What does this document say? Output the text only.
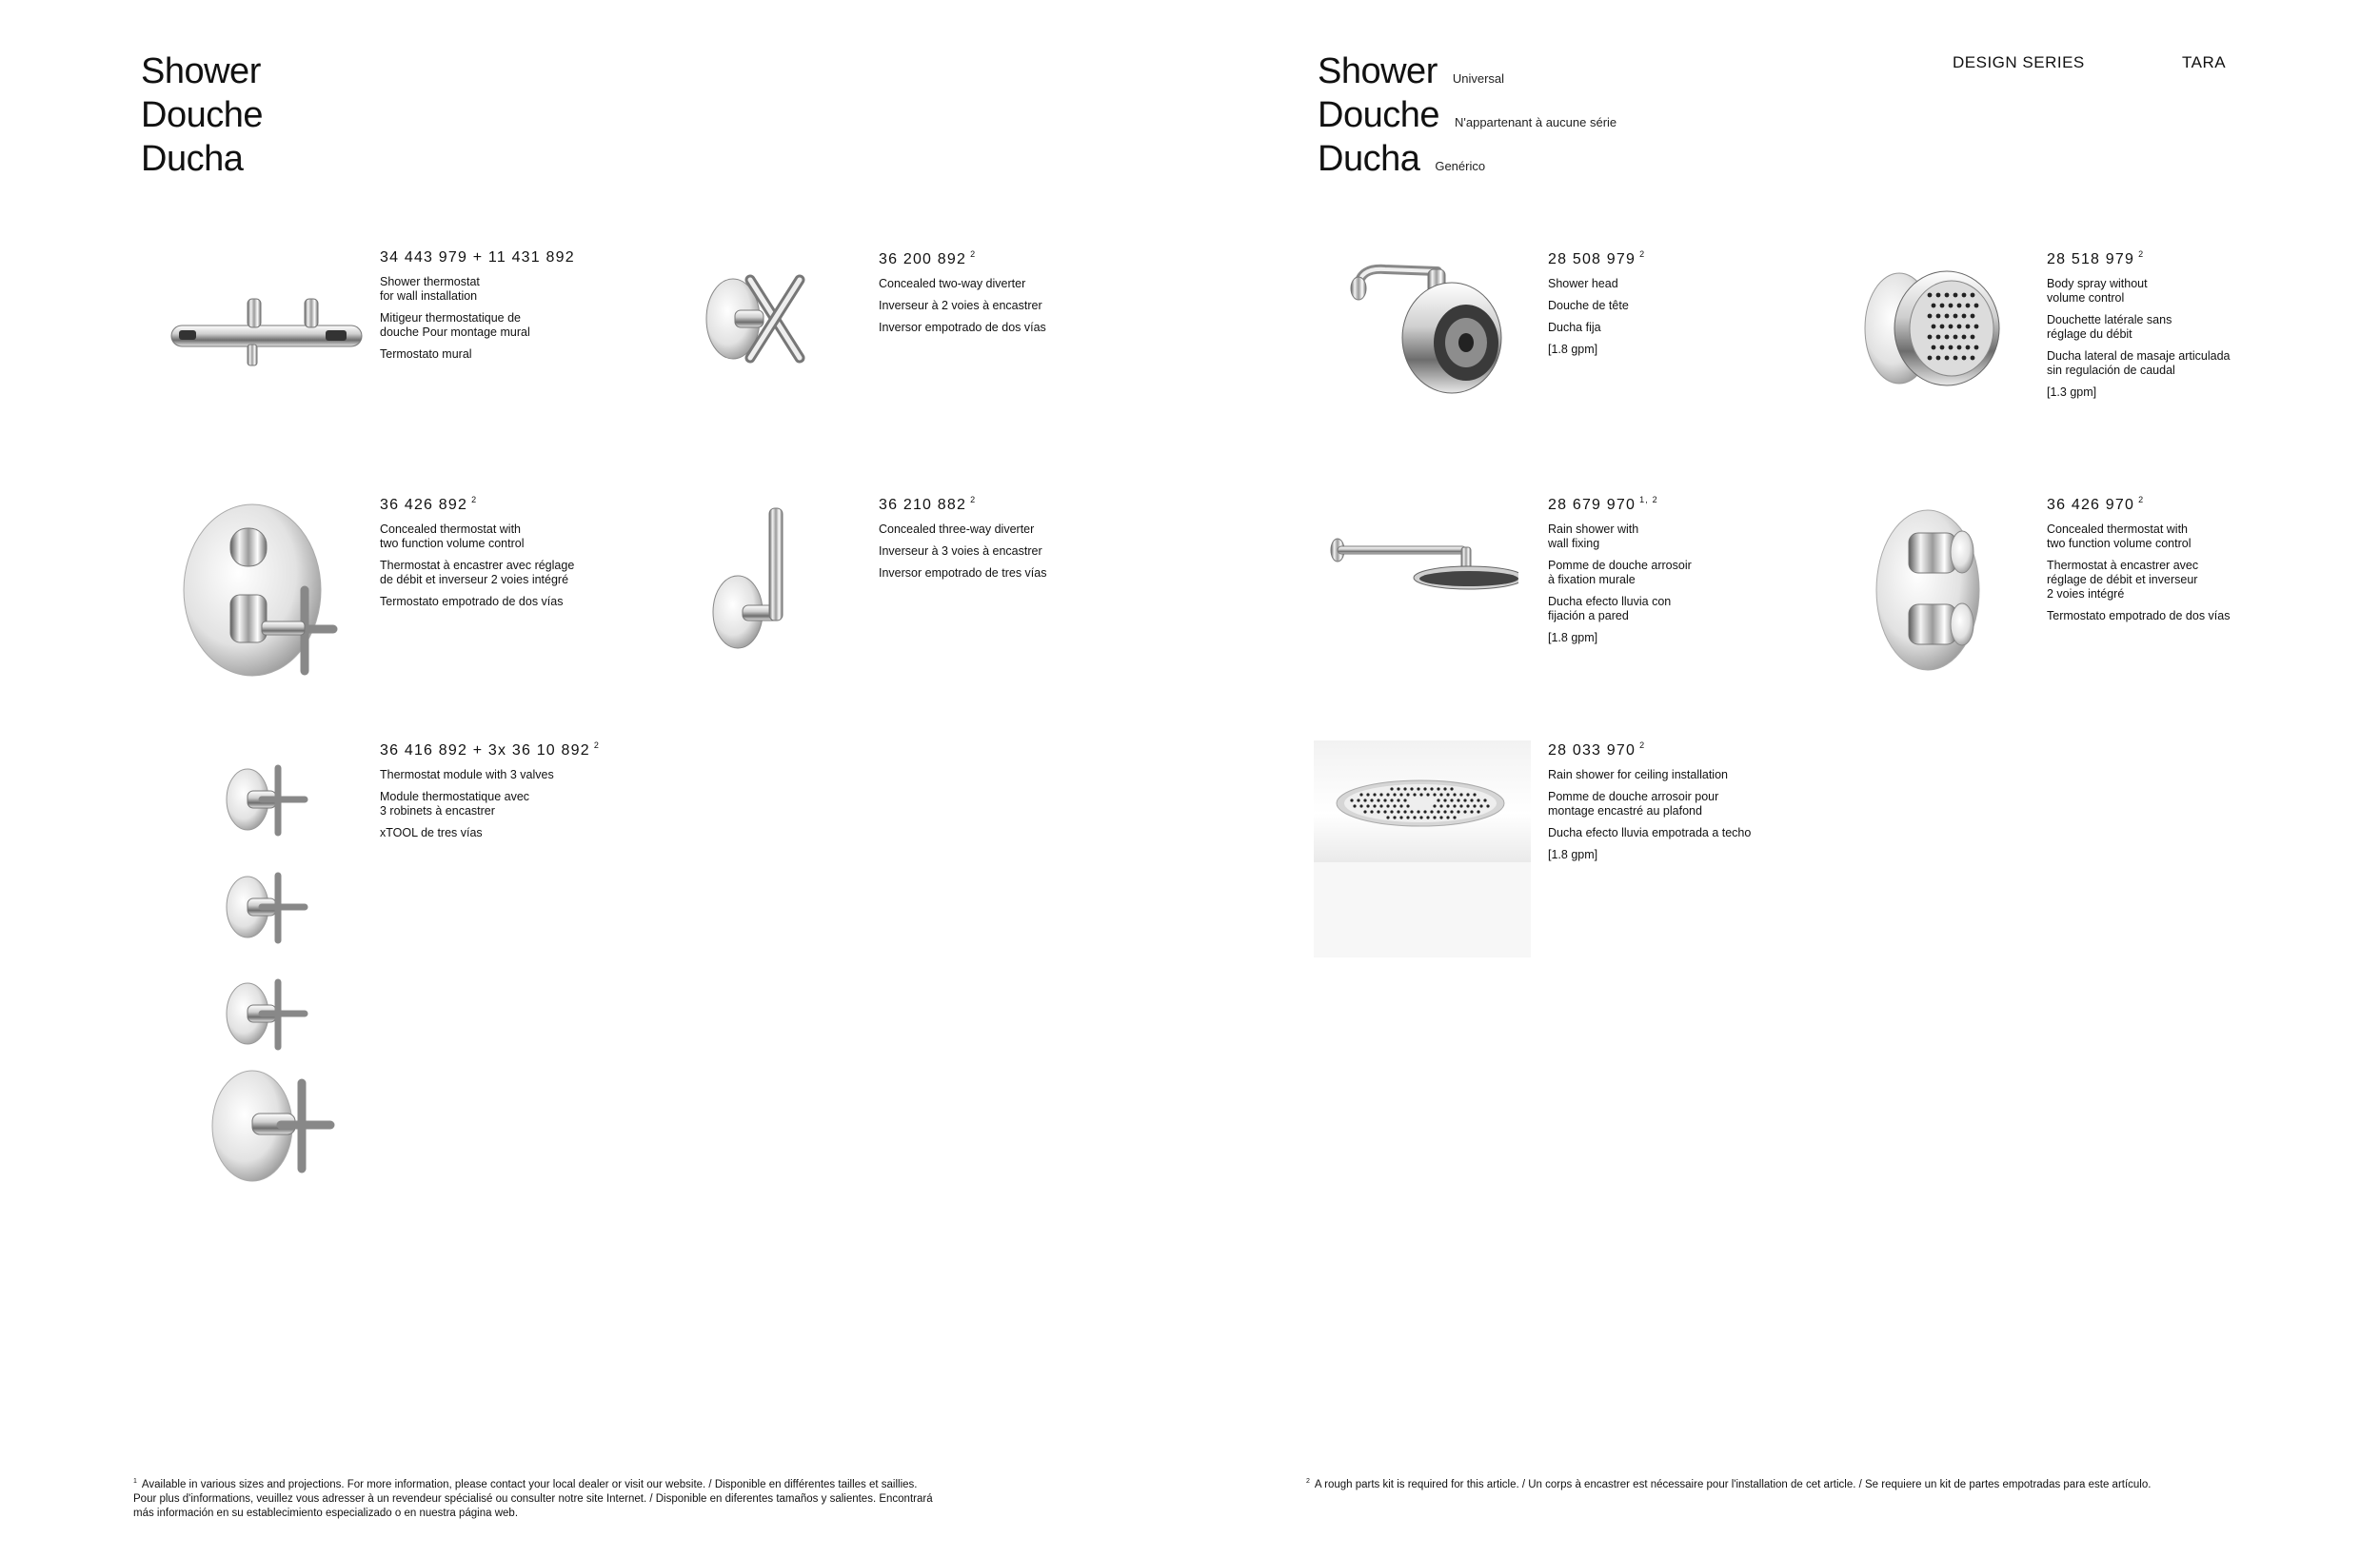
Shower
Douche
Ducha
Shower Universal
Douche N'appartenant à aucune série
Ducha Genérico
DESIGN SERIES	TARA
34 443 979 + 11 431 892
Shower thermostat
for wall installation
Mitigeur thermostatique de
douche Pour montage mural
Termostato mural
36 200 892 $^2$
Concealed two-way diverter
Inverseur à 2 voies à encastrer
Inversor empotrado de dos vías
36 426 892 $^2$
Concealed thermostat with
two function volume control
Thermostat à encastrer avec réglage
de débit et inverseur 2 voies intégré
Termostato empotrado de dos vías
36 210 882 $^2$
Concealed three-way diverter
Inverseur à 3 voies à encastrer
Inversor empotrado de tres vías
36 416 892 + 3x 36 10 892 $^2$
Thermostat module with 3 valves
Module thermostatique avec
3 robinets à encastrer
xTOOL de tres vías
28 508 979 $^2$
Shower head
Douche de tête
Ducha fija
[1.8 gpm]
28 518 979 $^2$
Body spray without
volume control
Douchette latérale sans
réglage du débit
Ducha lateral de masaje articulada
sin regulación de caudal
[1.3 gpm]
28 679 970 $^{1, 2}$
Rain shower with
wall fixing
Pomme de douche arrosoir
à fixation murale
Ducha efecto lluvia con
fijación a pared
[1.8 gpm]
36 426 970 $^2$
Concealed thermostat with
two function volume control
Thermostat à encastrer avec
réglage de débit et inverseur
2 voies intégré
Termostato empotrado de dos vías
28 033 970 $^2$
Rain shower for ceiling installation
Pomme de douche arrosoir pour
montage encastré au plafond
Ducha efecto lluvia empotrada a techo
[1.8 gpm]
$^1$ Available in various sizes and projections. For more information, please contact your local dealer or visit our website. / Disponible en différentes tailles et saillies.
Pour plus d'informations, veuillez vous adresser à un revendeur spécialisé ou consulter notre site Internet. / Disponible en diferentes tamaños y salientes. Encontrará
más información en su establecimiento especializado o en nuestra página web.
$^2$ A rough parts kit is required for this article. / Un corps à encastrer est nécessaire pour l'installation de cet article. / Se requiere un kit de partes empotradas para este artículo.
